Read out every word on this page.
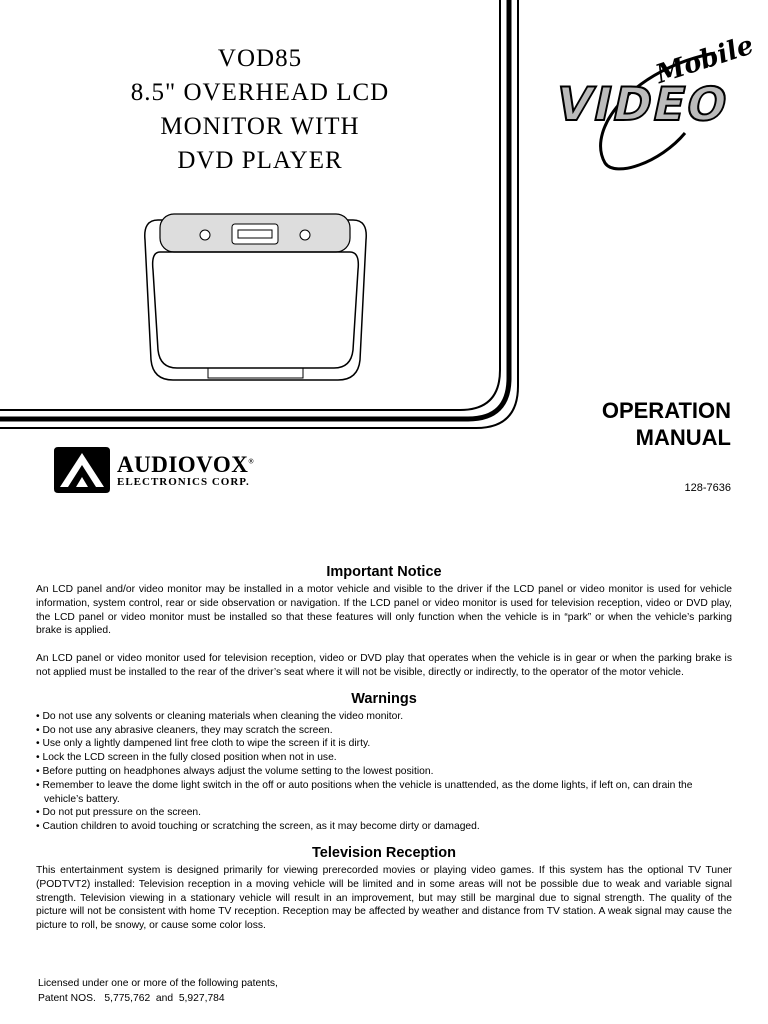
VOD85
8.5" OVERHEAD LCD
MONITOR WITH
DVD PLAYER
Mobile
VIDEO
OPERATION
MANUAL
128-7636
AUDIOVOX®
ELECTRONICS CORP.
Important Notice

An LCD panel and/or video monitor may be installed in a motor vehicle and visible to the driver if the LCD panel or video monitor is used for vehicle information, system control, rear or side observation or navigation. If the LCD panel or video monitor is used for television reception, video or DVD play, the LCD panel or video monitor must be installed so that these features will only function when the vehicle is in “park” or when the vehicle’s parking brake is applied.

An LCD panel or video monitor used for television reception, video or DVD play that operates when the vehicle is in gear or when the parking brake is not applied must be installed to the rear of the driver’s seat where it will not be visible, directly or indirectly, to the operator of the motor vehicle.

Warnings
• Do not use any solvents or cleaning materials when cleaning the video monitor.
• Do not use any abrasive cleaners, they may scratch the screen.
• Use only a lightly dampened lint free cloth to wipe the screen if it is dirty.
• Lock the LCD screen in the fully closed position when not in use.
• Before putting on headphones always adjust the volume setting to the lowest position.
• Remember to leave the dome light switch in the off or auto positions when the vehicle is unattended, as the dome lights, if left on, can drain the vehicle’s battery.
• Do not put pressure on the screen.
• Caution children to avoid touching or scratching the screen, as it may become dirty or damaged.
Television Reception

This entertainment system is designed primarily for viewing prerecorded movies or playing video games. If this system has the optional TV Tuner (PODTVT2) installed: Television reception in a moving vehicle will be limited and in some areas will not be possible due to weak and variable signal strength. Television viewing in a stationary vehicle will result in an improvement, but may still be marginal due to signal strength. The quality of the picture will not be consistent with home TV reception. Reception may be affected by weather and distance from TV station. A weak signal may cause the picture to roll, be snowy, or cause some color loss.

Licensed under one or more of the following patents,
Patent NOS.   5,775,762  and  5,927,784
